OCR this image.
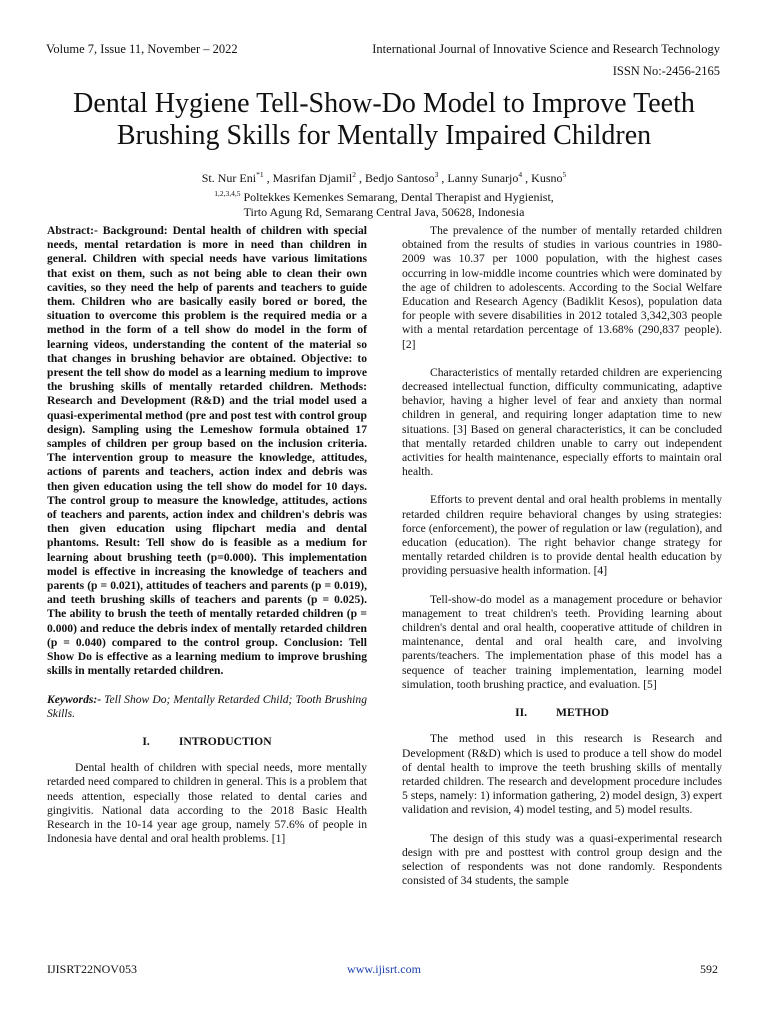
Volume 7, Issue 11, November – 2022	International Journal of Innovative Science and Research Technology
ISSN No:-2456-2165
Dental Hygiene Tell-Show-Do Model to Improve Teeth Brushing Skills for Mentally Impaired Children
St. Nur Eni$^{*1}$ , Masrifan Djamil$^2$ , Bedjo Santoso$^3$ , Lanny Sunarjo$^4$ , Kusno$^5$
$^{1,2,3,4,5}$ Poltekkes Kemenkes Semarang, Dental Therapist and Hygienist,
Tirto Agung Rd, Semarang Central Java, 50628, Indonesia

Abstract:- Background: Dental health of children with special needs, mental retardation is more in need than children in general. Children with special needs have various limitations that exist on them, such as not being able to clean their own cavities, so they need the help of parents and teachers to guide them. Children who are basically easily bored or bored, the situation to overcome this problem is the required media or a method in the form of a tell show do model in the form of learning videos, understanding the content of the material so that changes in brushing behavior are obtained. Objective: to present the tell show do model as a learning medium to improve the brushing skills of mentally retarded children. Methods: Research and Development (R&D) and the trial model used a quasi-experimental method (pre and post test with control group design). Sampling using the Lemeshow formula obtained 17 samples of children per group based on the inclusion criteria. The intervention group to measure the knowledge, attitudes, actions of parents and teachers, action index and debris was then given education using the tell show do model for 10 days. The control group to measure the knowledge, attitudes, actions of teachers and parents, action index and children's debris was then given education using flipchart media and dental phantoms. Result: Tell show do is feasible as a medium for learning about brushing teeth (p=0.000). This implementation model is effective in increasing the knowledge of teachers and parents (p = 0.021), attitudes of teachers and parents (p = 0.019), and teeth brushing skills of teachers and parents (p = 0.025). The ability to brush the teeth of mentally retarded children (p = 0.000) and reduce the debris index of mentally retarded children (p = 0.040) compared to the control group. Conclusion: Tell Show Do is effective as a learning medium to improve brushing skills in mentally retarded children.

Keywords:- Tell Show Do; Mentally Retarded Child; Tooth Brushing Skills.

I.          INTRODUCTION

Dental health of children with special needs, more mentally retarded need compared to children in general. This is a problem that needs attention, especially those related to dental caries and gingivitis. National data according to the 2018 Basic Health Research in the 10-14 year age group, namely 57.6% of people in Indonesia have dental and oral health problems. [1]

The prevalence of the number of mentally retarded children obtained from the results of studies in various countries in 1980-2009 was 10.37 per 1000 population, with the highest cases occurring in low-middle income countries which were dominated by the age of children to adolescents. According to the Social Welfare Education and Research Agency (Badiklit Kesos), population data for people with severe disabilities in 2012 totaled 3,342,303 people with a mental retardation percentage of 13.68% (290,837 people). [2]

Characteristics of mentally retarded children are experiencing decreased intellectual function, difficulty communicating, adaptive behavior, having a higher level of fear and anxiety than normal children in general, and requiring longer adaptation time to new situations. [3] Based on general characteristics, it can be concluded that mentally retarded children unable to carry out independent activities for health maintenance, especially efforts to maintain oral health.

Efforts to prevent dental and oral health problems in mentally retarded children require behavioral changes by using strategies: force (enforcement), the power of regulation or law (regulation), and education (education). The right behavior change strategy for mentally retarded children is to provide dental health education by providing persuasive health information. [4]

Tell-show-do model as a management procedure or behavior management to treat children's teeth. Providing learning about children's dental and oral health, cooperative attitude of children in maintenance, dental and oral health care, and involving parents/teachers. The implementation phase of this model has a sequence of teacher training implementation, learning model simulation, tooth brushing practice, and evaluation. [5]

II.          METHOD

The method used in this research is Research and Development (R&D) which is used to produce a tell show do model of dental health to improve the teeth brushing skills of mentally retarded children. The research and development procedure includes 5 steps, namely: 1) information gathering, 2) model design, 3) expert validation and revision, 4) model testing, and 5) model results.

The design of this study was a quasi-experimental research design with pre and posttest with control group design and the selection of respondents was not done randomly. Respondents consisted of 34 students, the sample

IJISRT22NOV053	www.ijisrt.com	592
